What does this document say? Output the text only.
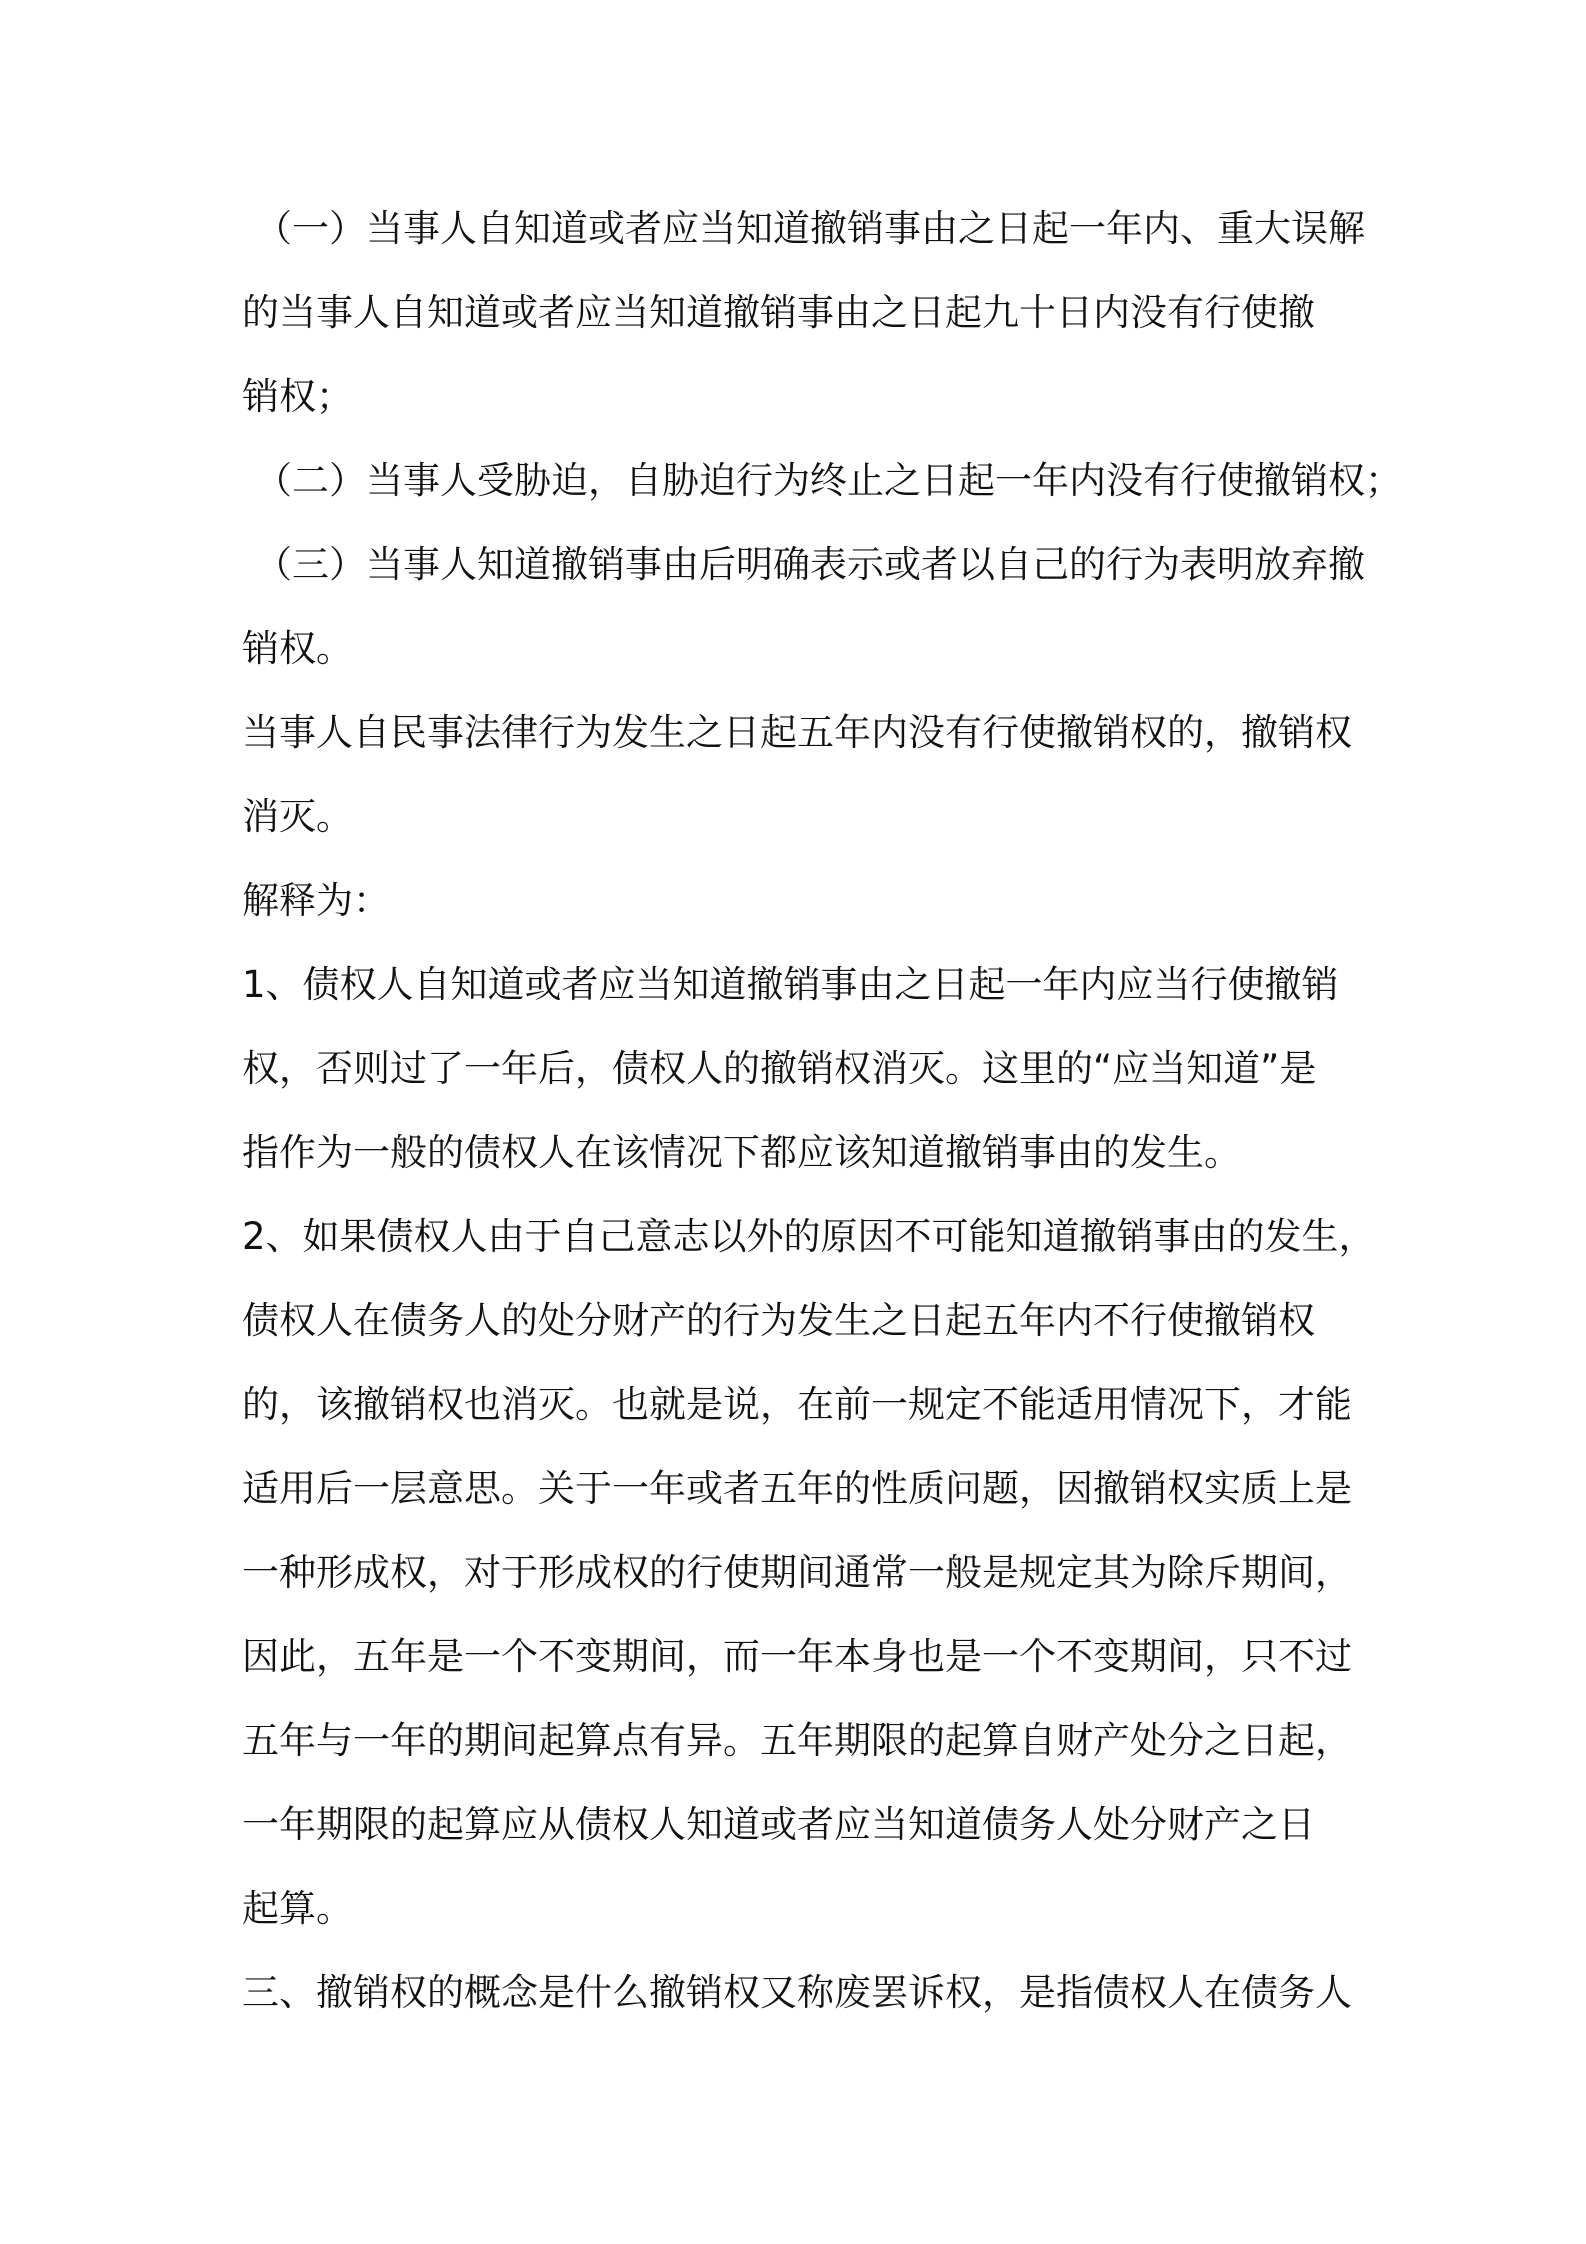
（一）当事人自知道或者应当知道撤销事由之日起一年内、重大误解
的当事人自知道或者应当知道撤销事由之日起九十日内没有行使撤
销权；
（二）当事人受胁迫，自胁迫行为终止之日起一年内没有行使撤销权；
（三）当事人知道撤销事由后明确表示或者以自己的行为表明放弃撤
销权。
当事人自民事法律行为发生之日起五年内没有行使撤销权的，撤销权
消灭。
解释为：
1、债权人自知道或者应当知道撤销事由之日起一年内应当行使撤销
权，否则过了一年后，债权人的撤销权消灭。这里的“应当知道”是
指作为一般的债权人在该情况下都应该知道撤销事由的发生。
2、如果债权人由于自己意志以外的原因不可能知道撤销事由的发生，
债权人在债务人的处分财产的行为发生之日起五年内不行使撤销权
的，该撤销权也消灭。也就是说，在前一规定不能适用情况下，才能
适用后一层意思。关于一年或者五年的性质问题，因撤销权实质上是
一种形成权，对于形成权的行使期间通常一般是规定其为除斥期间，
因此，五年是一个不变期间，而一年本身也是一个不变期间，只不过
五年与一年的期间起算点有异。五年期限的起算自财产处分之日起，
一年期限的起算应从债权人知道或者应当知道债务人处分财产之日
起算。
三、撤销权的概念是什么撤销权又称废罢诉权，是指债权人在债务人
